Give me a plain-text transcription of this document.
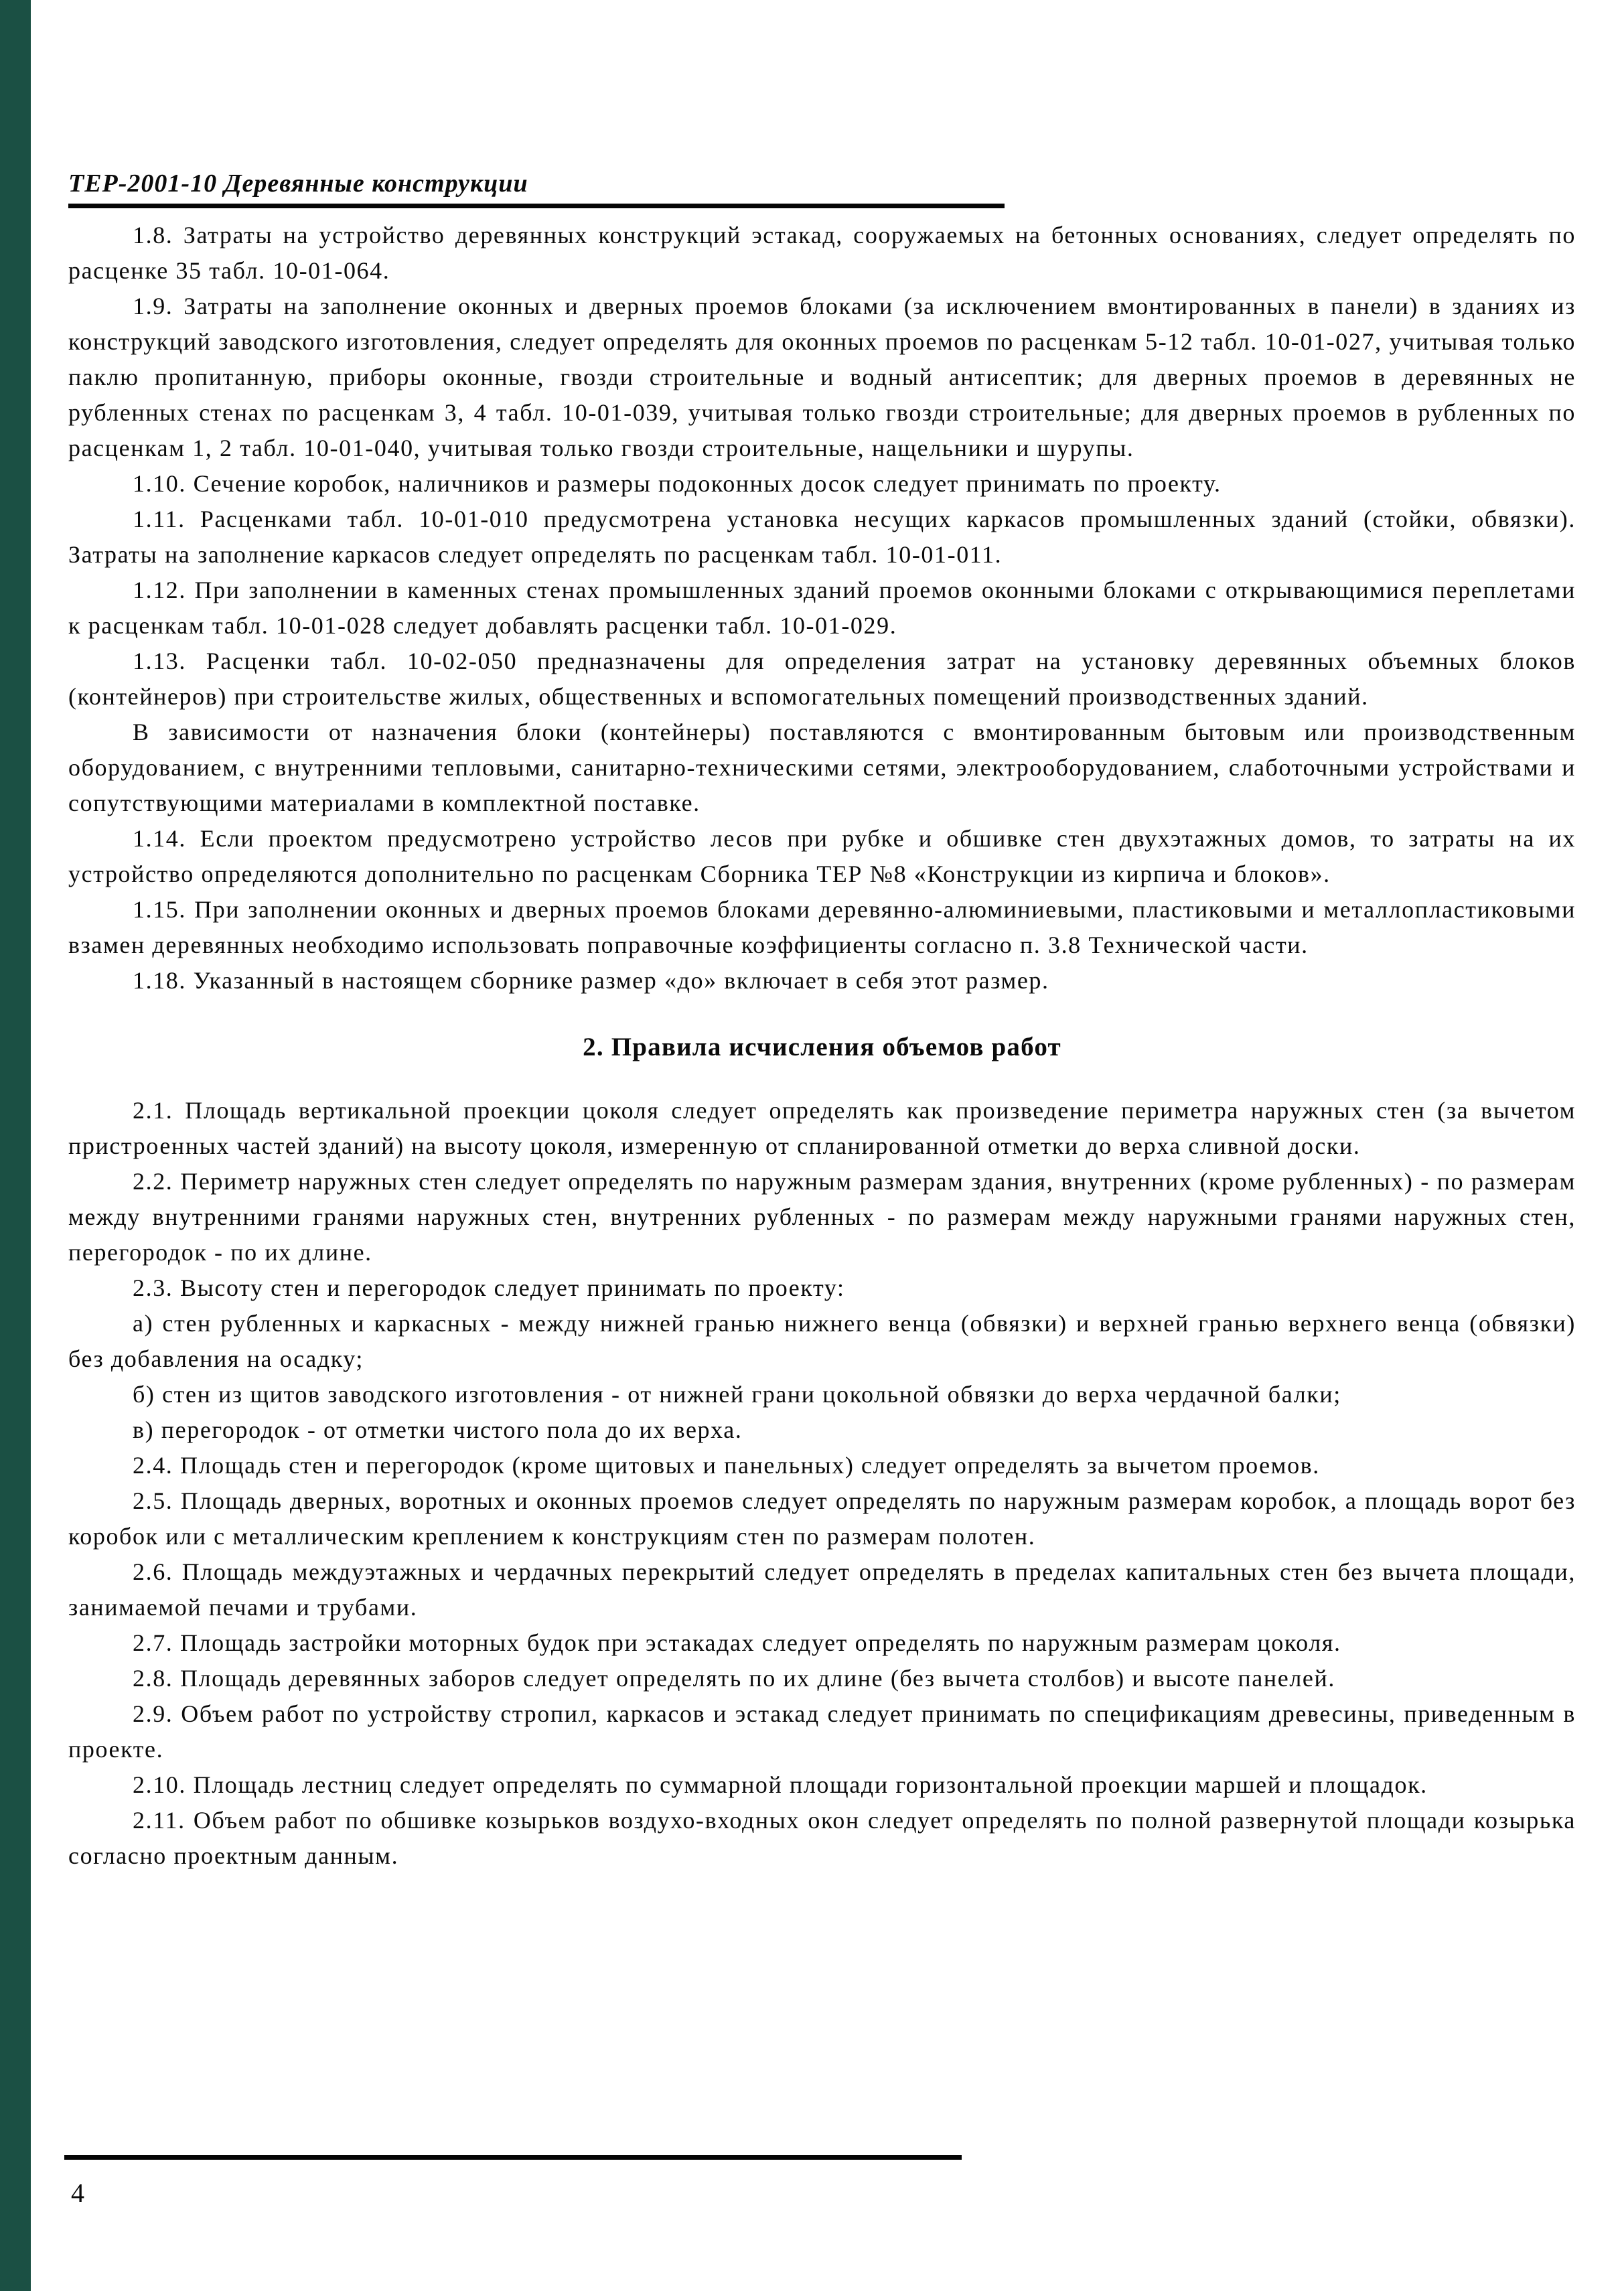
ТЕР-2001-10 Деревянные конструкции

1.8. Затраты на устройство деревянных конструкций эстакад, сооружаемых на бетонных основаниях, следует определять по расценке 35 табл. 10-01-064.

1.9. Затраты на заполнение оконных и дверных проемов блоками (за исключением вмонтированных в панели) в зданиях из конструкций заводского изготовления, следует определять для оконных проемов по расценкам 5-12 табл. 10-01-027, учитывая только паклю пропитанную, приборы оконные, гвозди строительные и водный антисептик; для дверных проемов в деревянных не рубленных стенах по расценкам 3, 4 табл. 10-01-039, учитывая только гвозди строительные; для дверных проемов в рубленных по расценкам 1, 2 табл. 10-01-040, учитывая только гвозди строительные, нащельники и шурупы.

1.10. Сечение коробок, наличников и размеры подоконных досок следует принимать по проекту.

1.11. Расценками табл. 10-01-010 предусмотрена установка несущих каркасов промышленных зданий (стойки, обвязки). Затраты на заполнение каркасов следует определять по расценкам табл. 10-01-011.

1.12. При заполнении в каменных стенах промышленных зданий проемов оконными блоками с открывающимися переплетами к расценкам табл. 10-01-028 следует добавлять расценки табл. 10-01-029.

1.13. Расценки табл. 10-02-050 предназначены для определения затрат на установку деревянных объемных блоков (контейнеров) при строительстве жилых, общественных и вспомогательных помещений производственных зданий.

В зависимости от назначения блоки (контейнеры) поставляются с вмонтированным бытовым или производственным оборудованием, с внутренними тепловыми, санитарно-техническими сетями, электрооборудованием, слаботочными устройствами и сопутствующими материалами в комплектной поставке.

1.14. Если проектом предусмотрено устройство лесов при рубке и обшивке стен двухэтажных домов, то затраты на их устройство определяются дополнительно по расценкам Сборника ТЕР №8 «Конструкции из кирпича и блоков».

1.15. При заполнении оконных и дверных проемов блоками деревянно-алюминиевыми, пластиковыми и металлопластиковыми взамен деревянных необходимо использовать поправочные коэффициенты согласно п. 3.8 Технической части.

1.18. Указанный в настоящем сборнике размер «до» включает в себя этот размер.

2. Правила исчисления объемов работ

2.1. Площадь вертикальной проекции цоколя следует определять как произведение периметра наружных стен (за вычетом пристроенных частей зданий) на высоту цоколя, измеренную от спланированной отметки до верха сливной доски.

2.2. Периметр наружных стен следует определять по наружным размерам здания, внутренних (кроме рубленных) - по размерам между внутренними гранями наружных стен, внутренних рубленных - по размерам между наружными гранями наружных стен, перегородок - по их длине.

2.3. Высоту стен и перегородок следует принимать по проекту:

а) стен рубленных и каркасных - между нижней гранью нижнего венца (обвязки) и верхней гранью верхнего венца (обвязки) без добавления на осадку;

б) стен из щитов заводского изготовления - от нижней грани цокольной обвязки до верха чердачной балки;

в) перегородок - от отметки чистого пола до их верха.

2.4. Площадь стен и перегородок (кроме щитовых и панельных) следует определять за вычетом проемов.

2.5. Площадь дверных, воротных и оконных проемов следует определять по наружным размерам коробок, а площадь ворот без коробок или с металлическим креплением к конструкциям стен по размерам полотен.

2.6. Площадь междуэтажных и чердачных перекрытий следует определять в пределах капитальных стен без вычета площади, занимаемой печами и трубами.

2.7. Площадь застройки моторных будок при эстакадах следует определять по наружным размерам цоколя.

2.8. Площадь деревянных заборов следует определять по их длине (без вычета столбов) и высоте панелей.

2.9. Объем работ по устройству стропил, каркасов и эстакад следует принимать по спецификациям древесины, приведенным в проекте.

2.10. Площадь лестниц следует определять по суммарной площади горизонтальной проекции маршей и площадок.

2.11. Объем работ по обшивке козырьков воздухо-входных окон следует определять по полной развернутой площади козырька согласно проектным данным.

4
